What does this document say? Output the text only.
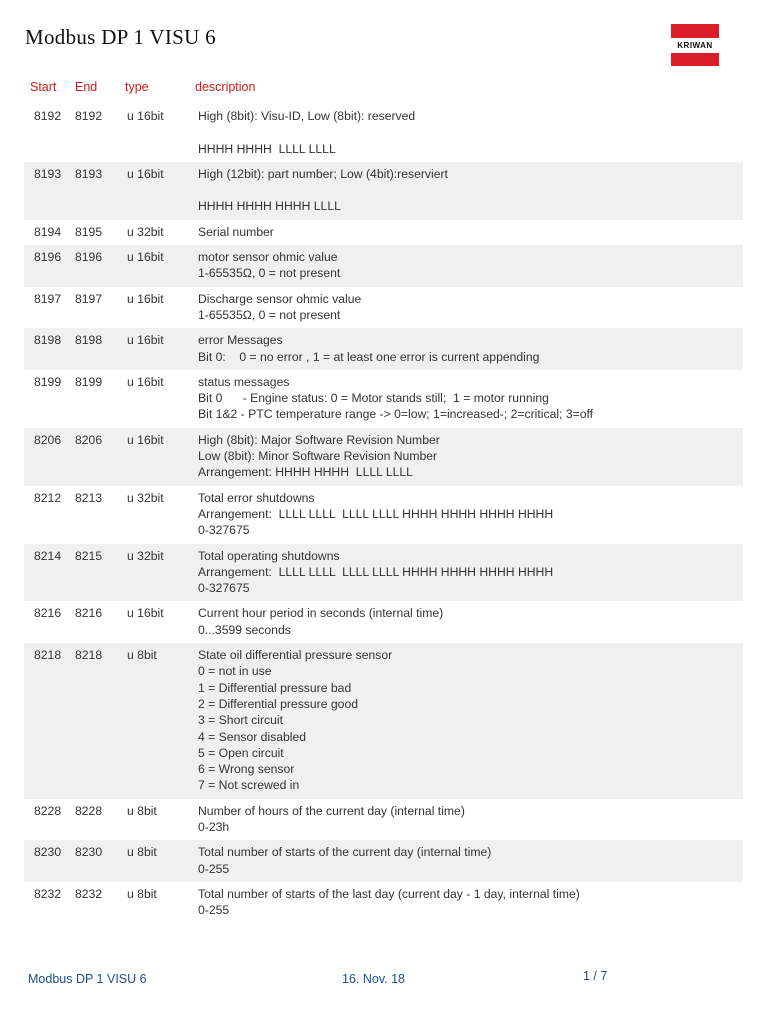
Modbus DP 1 VISU 6	KRIWAN
Start End type	description
8192	8192	u 16bit	High (8bit): Visu-ID, Low (8bit): reserved

HHHH HHHH  LLLL LLLL
8193	8193	u 16bit	High (12bit): part number; Low (4bit):reserviert

HHHH HHHH HHHH LLLL
8194	8195	u 32bit	Serial number
8196	8196	u 16bit	motor sensor ohmic value
1-65535Ω, 0 = not present
8197	8197	u 16bit	Discharge sensor ohmic value
1-65535Ω, 0 = not present
8198	8198	u 16bit	error Messages
Bit 0:    0 = no error , 1 = at least one error is current appending
8199	8199	u 16bit	status messages
Bit 0      - Engine status: 0 = Motor stands still;  1 = motor running
Bit 1&2 - PTC temperature range -> 0=low; 1=increased-; 2=critical; 3=off
8206	8206	u 16bit	High (8bit): Major Software Revision Number
Low (8bit): Minor Software Revision Number
Arrangement: HHHH HHHH  LLLL LLLL
8212	8213	u 32bit	Total error shutdowns
Arrangement:  LLLL LLLL  LLLL LLLL HHHH HHHH HHHH HHHH
0-327675
8214	8215	u 32bit	Total operating shutdowns
Arrangement:  LLLL LLLL  LLLL LLLL HHHH HHHH HHHH HHHH
0-327675
8216	8216	u 16bit	Current hour period in seconds (internal time)
0...3599 seconds
8218	8218	u 8bit	State oil differential pressure sensor
0 = not in use
1 = Differential pressure bad
2 = Differential pressure good
3 = Short circuit
4 = Sensor disabled
5 = Open circuit
6 = Wrong sensor
7 = Not screwed in
8228	8228	u 8bit	Number of hours of the current day (internal time)
0-23h
8230	8230	u 8bit	Total number of starts of the current day (internal time)
0-255
8232	8232	u 8bit	Total number of starts of the last day (current day - 1 day, internal time)
0-255
Modbus DP 1 VISU 6	16. Nov. 18	1 / 7
